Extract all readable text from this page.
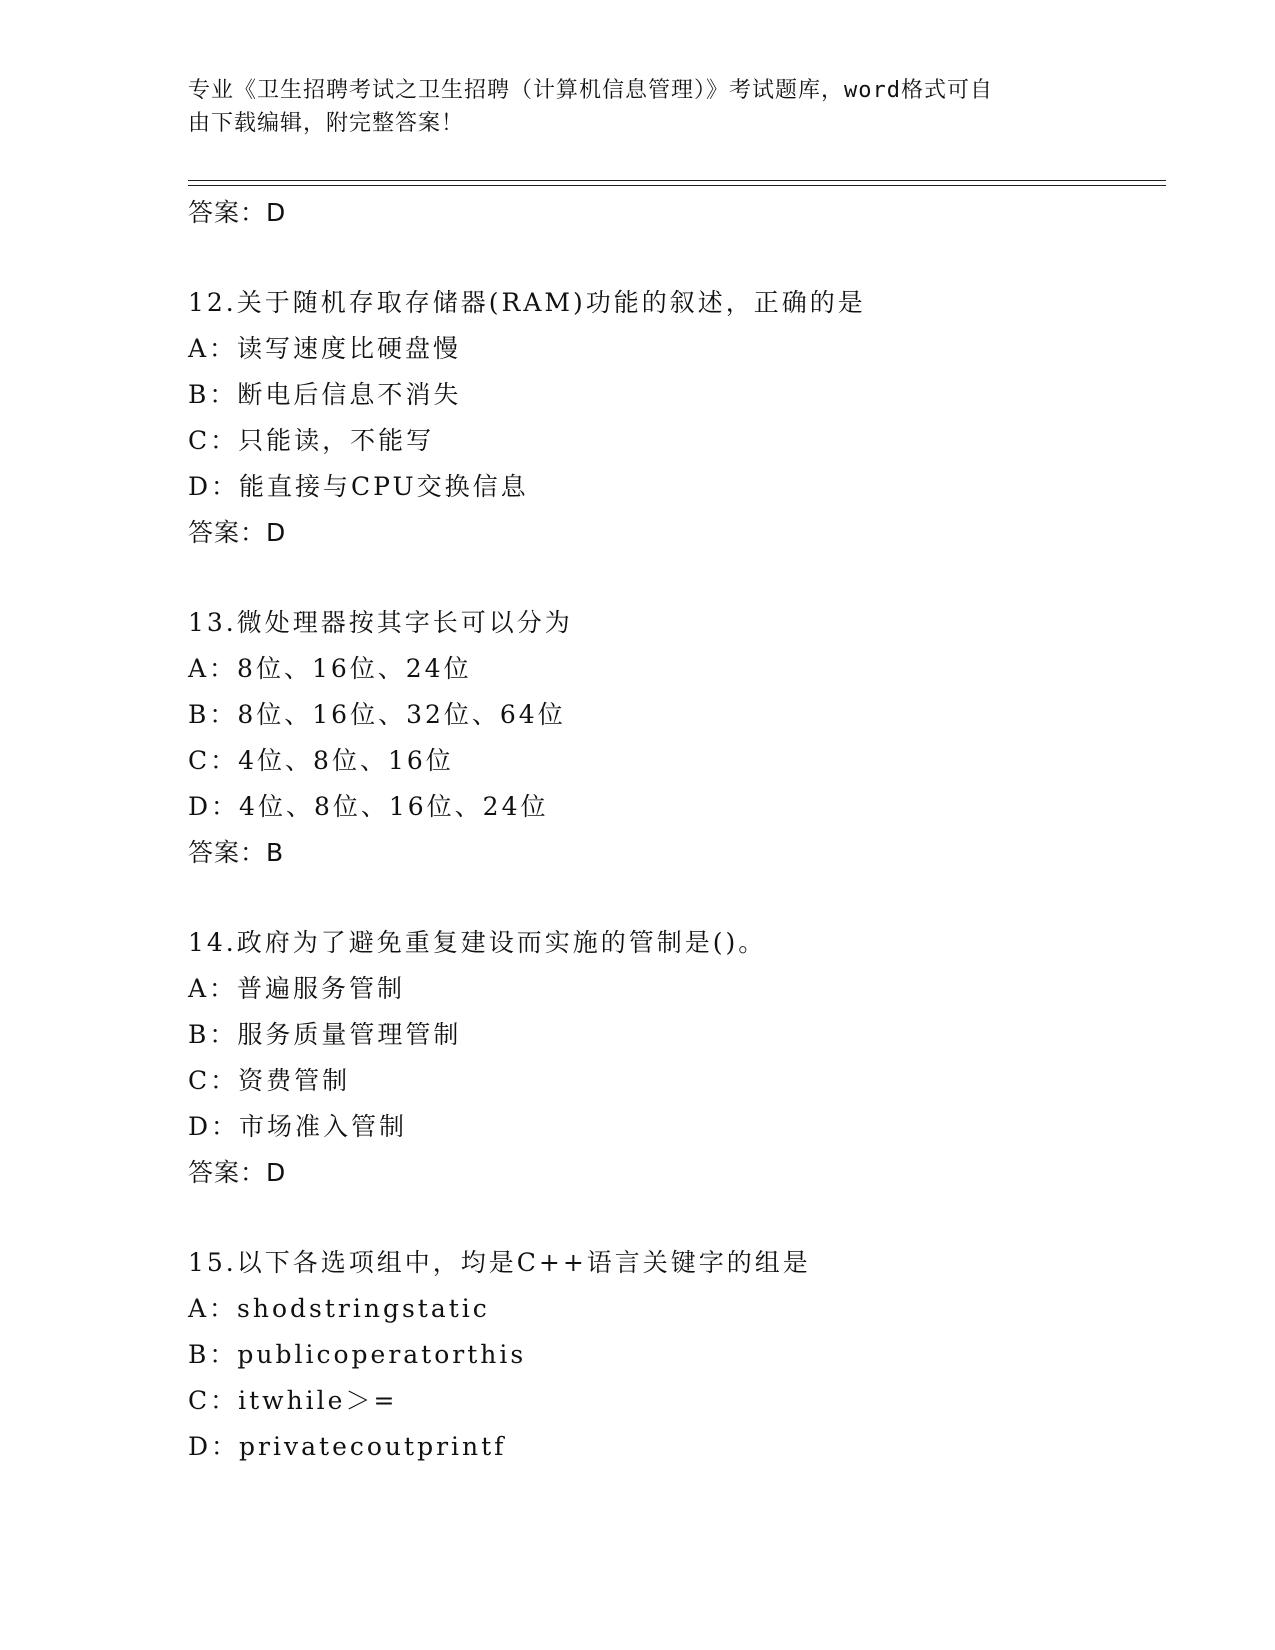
专业《卫生招聘考试之卫生招聘（计算机信息管理）》考试题库，word格式可自
由下载编辑，附完整答案！
答案：D
12.关于随机存取存储器(RAM)功能的叙述，正确的是
A：读写速度比硬盘慢
B：断电后信息不消失
C：只能读，不能写
D：能直接与CPU交换信息
答案：D
13.微处理器按其字长可以分为
A：8位、16位、24位
B：8位、16位、32位、64位
C：4位、8位、16位
D：4位、8位、16位、24位
答案：B
14.政府为了避免重复建设而实施的管制是()。
A：普遍服务管制
B：服务质量管理管制
C：资费管制
D：市场准入管制
答案：D
15.以下各选项组中，均是C++语言关键字的组是
A：shodstringstatic
B：publicoperatorthis
C：itwhile＞=
D：privatecoutprintf
